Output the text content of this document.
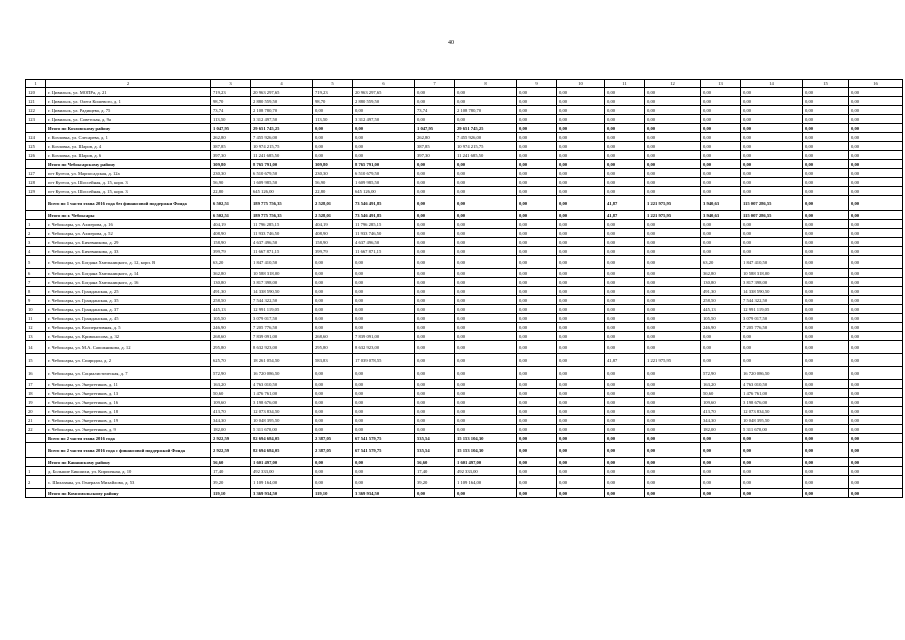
40
1	2	3	4	5	6	7	8	9	10	11	12	13	14	15	16
120	г. Цивильск, ул. МОПРа, д. 21	719,23	20 963 297,65	719,23	20 963 297,65	0,00	0,00	0,00	0,00	0,00	0,00	0,00	0,00	0,00	0,00
121	г. Цивильск, ул. Олега Кошевого, д. 1	98,70	2 880 559,50	98,70	2 880 559,50	0,00	0,00	0,00	0,00	0,00	0,00	0,00	0,00	0,00	0,00
122	г. Цивильск, ул. Радищева, д. 75	73,74	2 108 780,70	0,00	0,00	73,74	2 108 780,70	0,00	0,00	0,00	0,00	0,00	0,00	0,00	0,00
123	г. Цивильск, ул. Советская, д. 9а	113,50	3 312 497,50	113,50	3 312 497,50	0,00	0,00	0,00	0,00	0,00	0,00	0,00	0,00	0,00	0,00
	Итого по Козловскому району	1 047,95	29 651 745,25	0,00	0,00	1 047,95	29 651 745,25	0,00	0,00	0,00	0,00	0,00	0,00	0,00	0,00
124	г. Козловка, ул. Слесарева, д. 1	262,80	7 455 926,00	0,00	0,00	262,80	7 455 926,00	0,00	0,00	0,00	0,00	0,00	0,00	0,00	0,00
125	г. Козловка, ул. Шаров, д. 4	387,85	10 974 215,75	0,00	0,00	387,85	10 974 215,75	0,00	0,00	0,00	0,00	0,00	0,00	0,00	0,00
126	г. Козловка, ул. Шаров, д. 6	397,30	11 241 685,50	0,00	0,00	397,30	11 241 685,50	0,00	0,00	0,00	0,00	0,00	0,00	0,00	0,00
	Итого по Чебоксарскому району	309,80	8 765 791,00	309,80	8 765 791,00	0,00	0,00	0,00	0,00	0,00	0,00	0,00	0,00	0,00	0,00
127	пгт Кугеси, ул. Марпосадская, д. 12а	230,30	6 510 679,50	230,30	6 510 679,50	0,00	0,00	0,00	0,00	0,00	0,00	0,00	0,00	0,00	0,00
128	пгт Кугеси, ул. Шоссейная, д. 15, корп. 3	56,90	1 609 985,50	56,90	1 609 985,50	0,00	0,00	0,00	0,00	0,00	0,00	0,00	0,00	0,00	0,00
129	пгт Кугеси, ул. Шоссейная, д. 15, корп. 3	22,80	645 126,00	22,80	645 126,00	0,00	0,00	0,00	0,00	0,00	0,00	0,00	0,00	0,00	0,00
	Всего по 1 части этапа 2016 года без финансовой поддержки Фонда	6 502,51	189 775 756,35	2 528,01	73 546 491,85	0,00	0,00	0,00	0,00	41,87	1 221 975,95	3 940,63	115 007 286,55	0,00	0,00
	Итого по г. Чебоксары	6 502,51	189 775 756,35	2 528,01	73 546 491,85	0,00	0,00	0,00	0,00	41,87	1 221 975,95	3 940,63	115 007 286,55	0,00	0,00
1	г. Чебоксары, ул. Ахмерова, д. 16	404,19	11 796 285,15	404,19	11 796 285,15	0,00	0,00	0,00	0,00	0,00	0,00	0,00	0,00	0,00	0,00
2	г. Чебоксары, ул. Ахмерова, д. 52	408,90	11 933 746,50	408,90	11 933 746,50	0,00	0,00	0,00	0,00	0,00	0,00	0,00	0,00	0,00	0,00
3	г. Чебоксары, ул. Бичевникова, д. 29	158,90	4 637 496,50	158,90	4 637 496,50	0,00	0,00	0,00	0,00	0,00	0,00	0,00	0,00	0,00	0,00
4	г. Чебоксары, ул. Бичевникова, д. 33	399,79	11 667 871,15	399,79	11 667 871,15	0,00	0,00	0,00	0,00	0,00	0,00	0,00	0,00	0,00	0,00
5	г. Чебоксары, ул. Богдана Хмельницкого, д. 12, корп. В	63,20	1 847 410,50	0,00	0,00	0,00	0,00	0,00	0,00	0,00	0,00	63,20	1 847 410,50	0,00	0,00
6	г. Чебоксары, ул. Богдана Хмельницкого, д. 14	362,80	10 588 318,00	0,00	0,00	0,00	0,00	0,00	0,00	0,00	0,00	362,80	10 588 318,00	0,00	0,00
7	г. Чебоксары, ул. Богдана Хмельницкого, д. 16	130,80	3 817 398,00	0,00	0,00	0,00	0,00	0,00	0,00	0,00	0,00	130,80	3 817 398,00	0,00	0,00
8	г. Чебоксары, ул. Гражданская, д. 25	491,30	14 338 590,50	0,00	0,00	0,00	0,00	0,00	0,00	0,00	0,00	491,30	14 338 590,50	0,00	0,00
9	г. Чебоксары, ул. Гражданская, д. 35	258,50	7 544 322,50	0,00	0,00	0,00	0,00	0,00	0,00	0,00	0,00	258,50	7 544 322,50	0,00	0,00
10	г. Чебоксары, ул. Гражданская, д. 37	445,13	12 991 119,05	0,00	0,00	0,00	0,00	0,00	0,00	0,00	0,00	445,13	12 991 119,05	0,00	0,00
11	г. Чебоксары, ул. Гражданская, д. 45	105,50	3 079 017,50	0,00	0,00	0,00	0,00	0,00	0,00	0,00	0,00	105,50	3 079 017,50	0,00	0,00
12	г. Чебоксары, ул. Кооперативная, д. 5	246,90	7 205 776,50	0,00	0,00	0,00	0,00	0,00	0,00	0,00	0,00	246,90	7 205 776,50	0,00	0,00
13	г. Чебоксары, ул. Кривоносова, д. 32	268,60	7 839 091,00	268,60	7 839 091,00	0,00	0,00	0,00	0,00	0,00	0,00	0,00	0,00	0,00	0,00
14	г. Чебоксары, ул. М.А. Сапожникова, д. 12	295,80	8 632 923,00	295,80	8 632 923,00	0,00	0,00	0,00	0,00	0,00	0,00	0,00	0,00	0,00	0,00
15	г. Чебоксары, ул. Спиридон, д. 2	625,70	18 261 054,50	583,83	17 039 078,55	0,00	0,00	0,00	0,00	41,87	1 221 975,95	0,00	0,00	0,00	0,00
16	г. Чебоксары, ул. Социалистическая, д. 7	572,90	16 720 086,50	0,00	0,00	0,00	0,00	0,00	0,00	0,00	0,00	572,90	16 720 086,50	0,00	0,00
17	г. Чебоксары, ул. Энергетиков, д. 11	163,20	4 763 010,50	0,00	0,00	0,00	0,00	0,00	0,00	0,00	0,00	163,20	4 763 010,50	0,00	0,00
18	г. Чебоксары, ул. Энергетиков, д. 13	50,60	1 476 761,00	0,00	0,00	0,00	0,00	0,00	0,00	0,00	0,00	50,60	1 476 761,00	0,00	0,00
19	г. Чебоксары, ул. Энергетиков, д. 16	109,60	3 198 676,00	0,00	0,00	0,00	0,00	0,00	0,00	0,00	0,00	109,60	3 198 676,00	0,00	0,00
20	г. Чебоксары, ул. Энергетиков, д. 18	413,70	12 073 834,50	0,00	0,00	0,00	0,00	0,00	0,00	0,00	0,00	413,70	12 073 834,50	0,00	0,00
21	г. Чебоксары, ул. Энергетиков, д. 19	344,30	10 048 395,50	0,00	0,00	0,00	0,00	0,00	0,00	0,00	0,00	344,30	10 048 395,50	0,00	0,00
22	г. Чебоксары, ул. Энергетиков, д. 9	182,00	5 311 670,00	0,00	0,00	0,00	0,00	0,00	0,00	0,00	0,00	182,00	5 311 670,00	0,00	0,00
	Всего по 2 части этапа 2016 года	2 922,59	82 694 684,05	2 387,05	67 541 579,75	535,54	15 153 104,30	0,00	0,00	0,00	0,00	0,00	0,00	0,00	0,00
	Всего по 2 части этапа 2016 года с финансовой поддержкой Фонда	2 922,59	82 694 684,05	2 387,05	67 541 579,75	535,54	15 153 104,30	0,00	0,00	0,00	0,00	0,00	0,00	0,00	0,00
	Итого по Канашскому району	56,60	1 601 497,00	0,00	0,00	56,60	1 601 497,00	0,00	0,00	0,00	0,00	0,00	0,00	0,00	0,00
1	д. Большие Бикшихи, ул. Кирпичная, д. 10	17,40	492 333,00	0,00	0,00	17,40	492 333,00	0,00	0,00	0,00	0,00	0,00	0,00	0,00	0,00
2	с. Шихазаны, ул. Генерала Михайлова, д. 53	39,20	1 109 164,00	0,00	0,00	39,20	1 109 164,00	0,00	0,00	0,00	0,00	0,00	0,00	0,00	0,00
	Итого по Комсомольскому району	119,10	3 369 934,50	119,10	3 369 934,50	0,00	0,00	0,00	0,00	0,00	0,00	0,00	0,00	0,00	0,00
